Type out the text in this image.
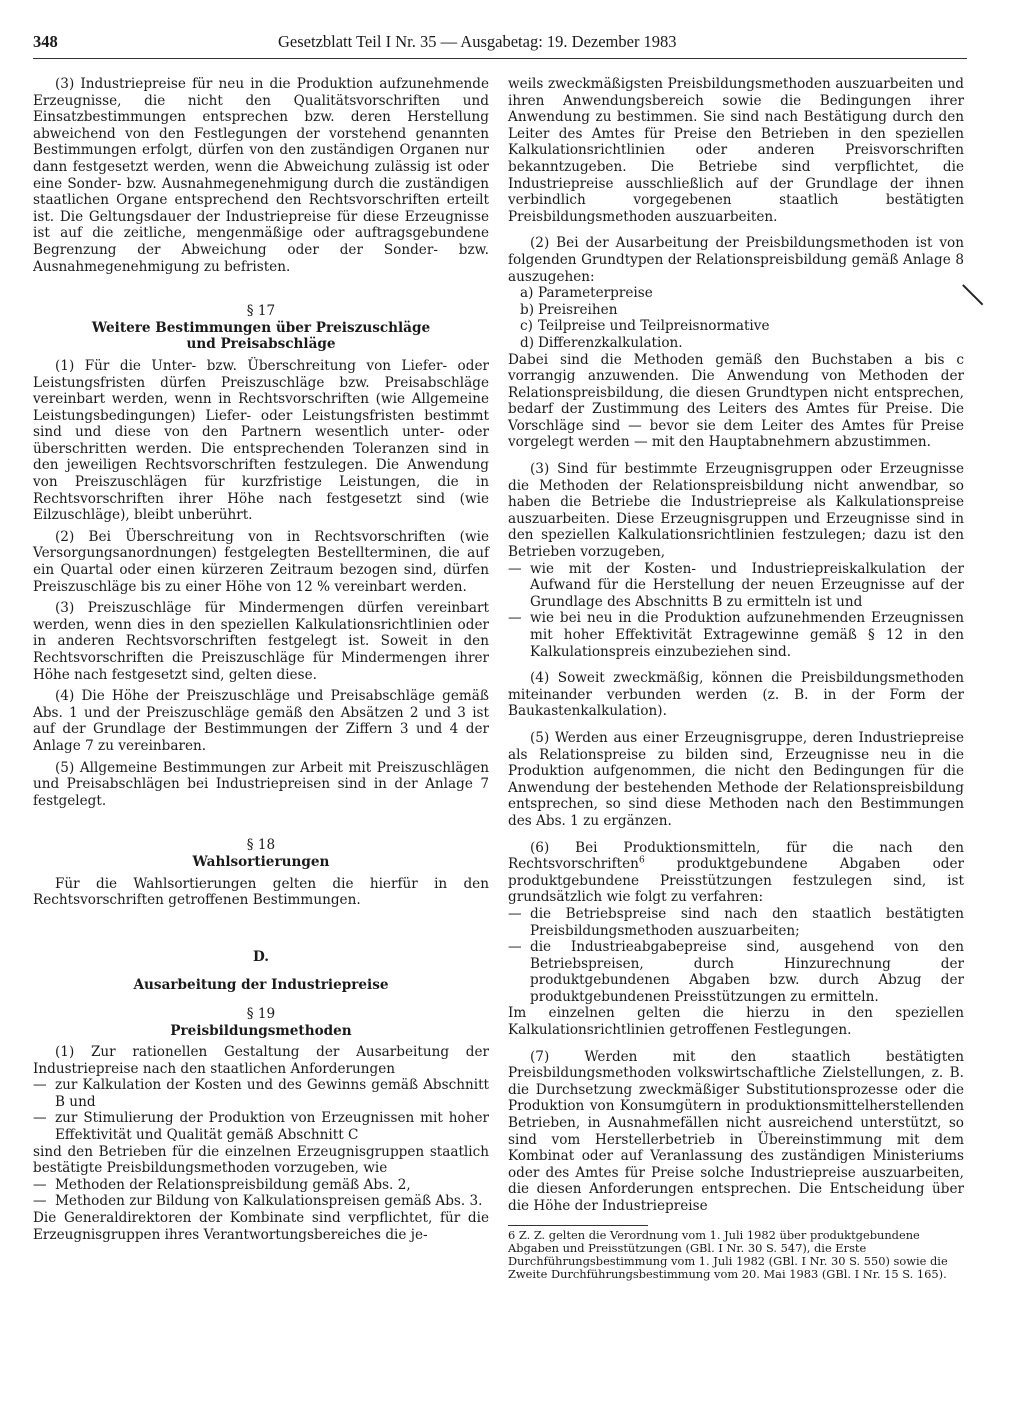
348	Gesetzblatt Teil I Nr. 35 — Ausgabetag: 19. Dezember 1983

(3) Industriepreise für neu in die Produktion aufzunehmende Erzeugnisse, die nicht den Qualitätsvorschriften und Einsatzbestimmungen entsprechen bzw. deren Herstellung abweichend von den Festlegungen der vorstehend genannten Bestimmungen erfolgt, dürfen von den zuständigen Organen nur dann festgesetzt werden, wenn die Abweichung zulässig ist oder eine Sonder- bzw. Ausnahmegenehmigung durch die zuständigen staatlichen Organe entsprechend den Rechtsvorschriften erteilt ist. Die Geltungsdauer der Industriepreise für diese Erzeugnisse ist auf die zeitliche, mengenmäßige oder auftragsgebundene Begrenzung der Abweichung oder der Sonder- bzw. Ausnahmegenehmigung zu befristen.

§ 17

Weitere Bestimmungen über Preiszuschläge

und Preisabschläge

(1) Für die Unter- bzw. Überschreitung von Liefer- oder Leistungsfristen dürfen Preiszuschläge bzw. Preisabschläge vereinbart werden, wenn in Rechtsvorschriften (wie Allgemeine Leistungsbedingungen) Liefer- oder Leistungsfristen bestimmt sind und diese von den Partnern wesentlich unter- oder überschritten werden. Die entsprechenden Toleranzen sind in den jeweiligen Rechtsvorschriften festzulegen. Die Anwendung von Preiszuschlägen für kurzfristige Leistungen, die in Rechtsvorschriften ihrer Höhe nach festgesetzt sind (wie Eilzuschläge), bleibt unberührt.

(2) Bei Überschreitung von in Rechtsvorschriften (wie Versorgungsanordnungen) festgelegten Bestellterminen, die auf ein Quartal oder einen kürzeren Zeitraum bezogen sind, dürfen Preiszuschläge bis zu einer Höhe von 12 % vereinbart werden.

(3) Preiszuschläge für Mindermengen dürfen vereinbart werden, wenn dies in den speziellen Kalkulationsrichtlinien oder in anderen Rechtsvorschriften festgelegt ist. Soweit in den Rechtsvorschriften die Preiszuschläge für Mindermengen ihrer Höhe nach festgesetzt sind, gelten diese.

(4) Die Höhe der Preiszuschläge und Preisabschläge gemäß Abs. 1 und der Preiszuschläge gemäß den Absätzen 2 und 3 ist auf der Grundlage der Bestimmungen der Ziffern 3 und 4 der Anlage 7 zu vereinbaren.

(5) Allgemeine Bestimmungen zur Arbeit mit Preiszuschlägen und Preisabschlägen bei Industriepreisen sind in der Anlage 7 festgelegt.

§ 18

Wahlsortierungen

Für die Wahlsortierungen gelten die hierfür in den Rechtsvorschriften getroffenen Bestimmungen.

D.

Ausarbeitung der Industriepreise

§ 19

Preisbildungsmethoden

(1) Zur rationellen Gestaltung der Ausarbeitung der Industriepreise nach den staatlichen Anforderungen

— zur Kalkulation der Kosten und des Gewinns gemäß Abschnitt B und

— zur Stimulierung der Produktion von Erzeugnissen mit hoher Effektivität und Qualität gemäß Abschnitt C

sind den Betrieben für die einzelnen Erzeugnisgruppen staatlich bestätigte Preisbildungsmethoden vorzugeben, wie

— Methoden der Relationspreisbildung gemäß Abs. 2,

— Methoden zur Bildung von Kalkulationspreisen gemäß Abs. 3.

Die Generaldirektoren der Kombinate sind verpflichtet, für die Erzeugnisgruppen ihres Verantwortungsbereiches die je-

weils zweckmäßigsten Preisbildungsmethoden auszuarbeiten und ihren Anwendungsbereich sowie die Bedingungen ihrer Anwendung zu bestimmen. Sie sind nach Bestätigung durch den Leiter des Amtes für Preise den Betrieben in den speziellen Kalkulationsrichtlinien oder anderen Preisvorschriften bekanntzugeben. Die Betriebe sind verpflichtet, die Industriepreise ausschließlich auf der Grundlage der ihnen verbindlich vorgegebenen staatlich bestätigten Preisbildungsmethoden auszuarbeiten.

(2) Bei der Ausarbeitung der Preisbildungsmethoden ist von folgenden Grundtypen der Relationspreisbildung gemäß Anlage 8 auszugehen:

a) Parameterpreise

b) Preisreihen

c) Teilpreise und Teilpreisnormative

d) Differenzkalkulation.

Dabei sind die Methoden gemäß den Buchstaben a bis c vorrangig anzuwenden. Die Anwendung von Methoden der Relationspreisbildung, die diesen Grundtypen nicht entsprechen, bedarf der Zustimmung des Leiters des Amtes für Preise. Die Vorschläge sind — bevor sie dem Leiter des Amtes für Preise vorgelegt werden — mit den Hauptabnehmern abzustimmen.

(3) Sind für bestimmte Erzeugnisgruppen oder Erzeugnisse die Methoden der Relationspreisbildung nicht anwendbar, so haben die Betriebe die Industriepreise als Kalkulationspreise auszuarbeiten. Diese Erzeugnisgruppen und Erzeugnisse sind in den speziellen Kalkulationsrichtlinien festzulegen; dazu ist den Betrieben vorzugeben,

— wie mit der Kosten- und Industriepreiskalkulation der Aufwand für die Herstellung der neuen Erzeugnisse auf der Grundlage des Abschnitts B zu ermitteln ist und

— wie bei neu in die Produktion aufzunehmenden Erzeugnissen mit hoher Effektivität Extragewinne gemäß § 12 in den Kalkulationspreis einzubeziehen sind.

(4) Soweit zweckmäßig, können die Preisbildungsmethoden miteinander verbunden werden (z. B. in der Form der Baukastenkalkulation).

(5) Werden aus einer Erzeugnisgruppe, deren Industriepreise als Relationspreise zu bilden sind, Erzeugnisse neu in die Produktion aufgenommen, die nicht den Bedingungen für die Anwendung der bestehenden Methode der Relationspreisbildung entsprechen, so sind diese Methoden nach den Bestimmungen des Abs. 1 zu ergänzen.

(6) Bei Produktionsmitteln, für die nach den Rechtsvorschriften$^6$ produktgebundene Abgaben oder produktgebundene Preisstützungen festzulegen sind, ist grundsätzlich wie folgt zu verfahren:

— die Betriebspreise sind nach den staatlich bestätigten Preisbildungsmethoden auszuarbeiten;

— die Industrieabgabepreise sind, ausgehend von den Betriebspreisen, durch Hinzurechnung der produktgebundenen Abgaben bzw. durch Abzug der produktgebundenen Preisstützungen zu ermitteln.

Im einzelnen gelten die hierzu in den speziellen Kalkulationsrichtlinien getroffenen Festlegungen.

(7) Werden mit den staatlich bestätigten Preisbildungsmethoden volkswirtschaftliche Zielstellungen, z. B. die Durchsetzung zweckmäßiger Substitutionsprozesse oder die Produktion von Konsumgütern in produktionsmittelherstellenden Betrieben, in Ausnahmefällen nicht ausreichend unterstützt, so sind vom Herstellerbetrieb in Übereinstimmung mit dem Kombinat oder auf Veranlassung des zuständigen Ministeriums oder des Amtes für Preise solche Industriepreise auszuarbeiten, die diesen Anforderungen entsprechen. Die Entscheidung über die Höhe der Industriepreise

6 Z. Z. gelten die Verordnung vom 1. Juli 1982 über produktgebundene Abgaben und Preisstützungen (GBl. I Nr. 30 S. 547), die Erste Durchführungsbestimmung vom 1. Juli 1982 (GBl. I Nr. 30 S. 550) sowie die Zweite Durchführungsbestimmung vom 20. Mai 1983 (GBl. I Nr. 15 S. 165).
